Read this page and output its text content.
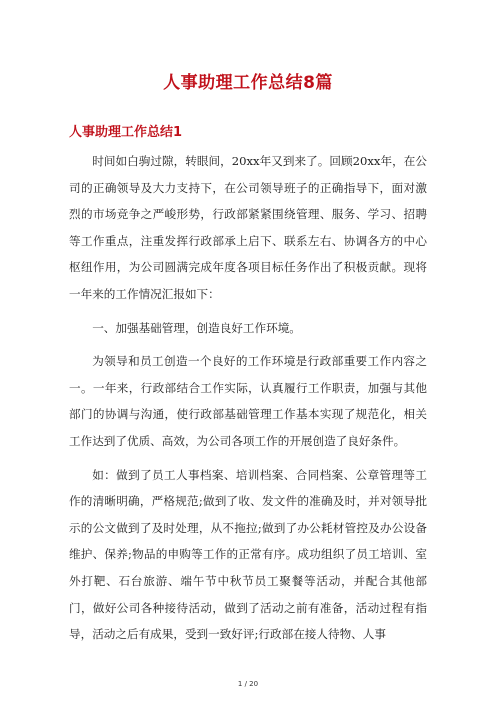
人事助理工作总结8篇
人事助理工作总结1

时间如白驹过隙，转眼间，20xx年又到来了。回顾20xx年，在公司的正确领导及大力支持下，在公司领导班子的正确指导下，面对激烈的市场竞争之严峻形势，行政部紧紧围绕管理、服务、学习、招聘等工作重点，注重发挥行政部承上启下、联系左右、协调各方的中心枢纽作用，为公司圆满完成年度各项目标任务作出了积极贡献。现将一年来的工作情况汇报如下：

一、加强基础管理，创造良好工作环境。

为领导和员工创造一个良好的工作环境是行政部重要工作内容之一。一年来，行政部结合工作实际，认真履行工作职责，加强与其他部门的协调与沟通，使行政部基础管理工作基本实现了规范化，相关工作达到了优质、高效，为公司各项工作的开展创造了良好条件。

如：做到了员工人事档案、培训档案、合同档案、公章管理等工作的清晰明确，严格规范;做到了收、发文件的准确及时，并对领导批示的公文做到了及时处理，从不拖拉;做到了办公耗材管控及办公设备维护、保养;物品的申购等工作的正常有序。成功组织了员工培训、室外打靶、石台旅游、端午节中秋节员工聚餐等活动，并配合其他部门，做好公司各种接待活动，做到了活动之前有准备，活动过程有指导，活动之后有成果，受到一致好评;行政部在接人待物、人事

1 / 20
